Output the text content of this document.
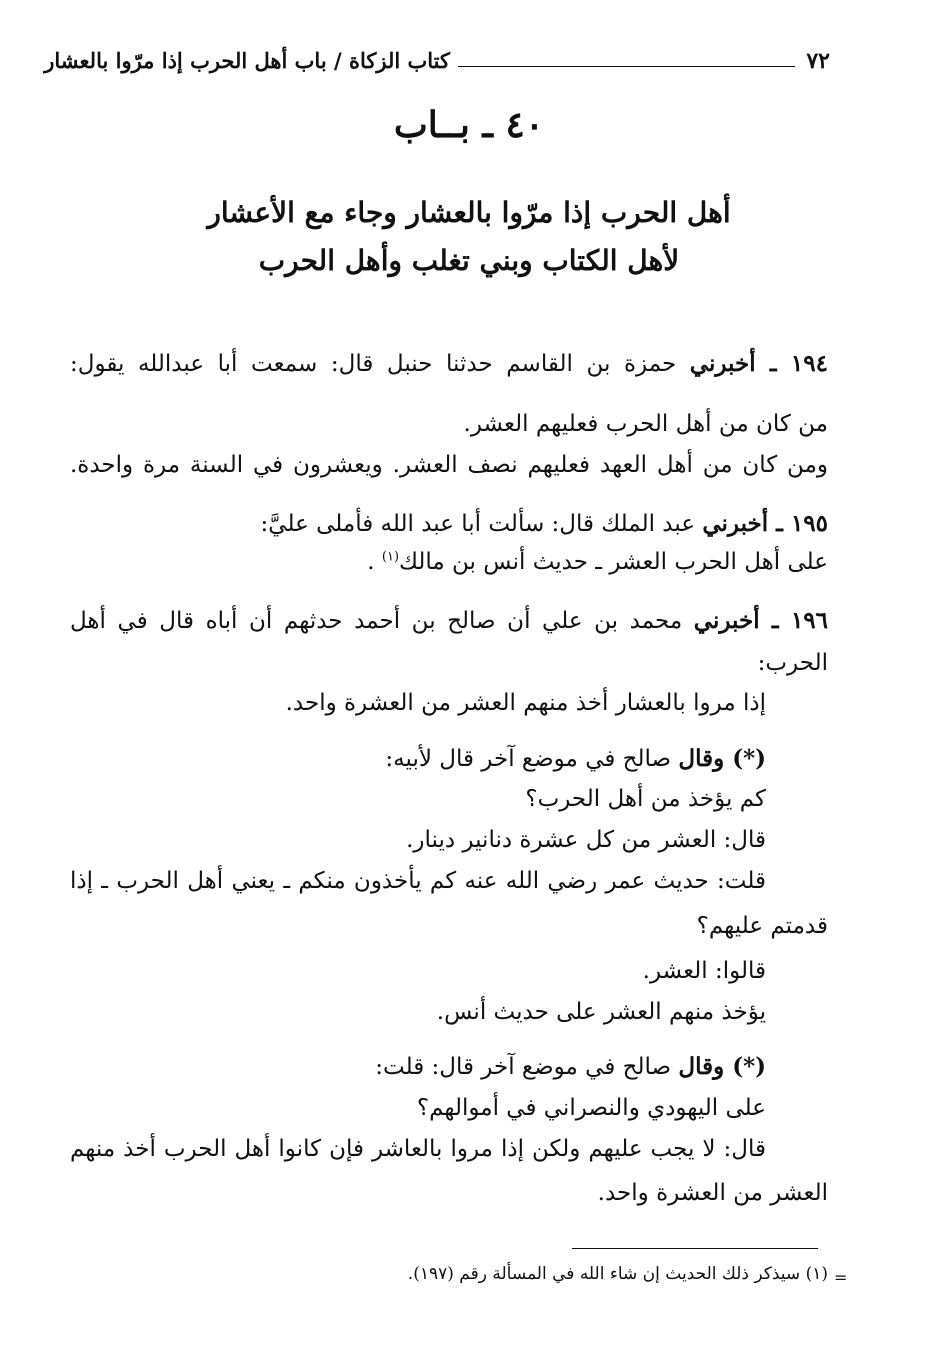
٧٢
كتاب الزكاة / باب أهل الحرب إذا مرّوا بالعشار
٤٠ ـ بــاب
أهل الحرب إذا مرّوا بالعشار وجاء مع الأعشار
لأهل الكتاب وبني تغلب وأهل الحرب
١٩٤ ـ أخبرني حمزة بن القاسم حدثنا حنبل قال: سمعت أبا عبدالله يقول:
من كان من أهل الحرب فعليهم العشر.
ومن كان من أهل العهد فعليهم نصف العشر. ويعشرون في السنة مرة واحدة.
١٩٥ ـ أخبرني عبد الملك قال: سألت أبا عبد الله فأملى عليَّ:
على أهل الحرب العشر ـ حديث أنس بن مالك$^{(١)}$ .
١٩٦ ـ أخبرني محمد بن علي أن صالح بن أحمد حدثهم أن أباه قال في أهل
الحرب:
إذا مروا بالعشار أخذ منهم العشر من العشرة واحد.
(*) وقال صالح في موضع آخر قال لأبيه:
كم يؤخذ من أهل الحرب؟
قال: العشر من كل عشرة دنانير دينار.
قلت: حديث عمر رضي الله عنه كم يأخذون منكم ـ يعني أهل الحرب ـ إذا
قدمتم عليهم؟
قالوا: العشر.
يؤخذ منهم العشر على حديث أنس.
(*) وقال صالح في موضع آخر قال: قلت:
على اليهودي والنصراني في أموالهم؟
قال: لا يجب عليهم ولكن إذا مروا بالعاشر فإن كانوا أهل الحرب أخذ منهم
العشر من العشرة واحد.
(١) سيذكر ذلك الحديث إن شاء الله في المسألة رقم (١٩٧). =
